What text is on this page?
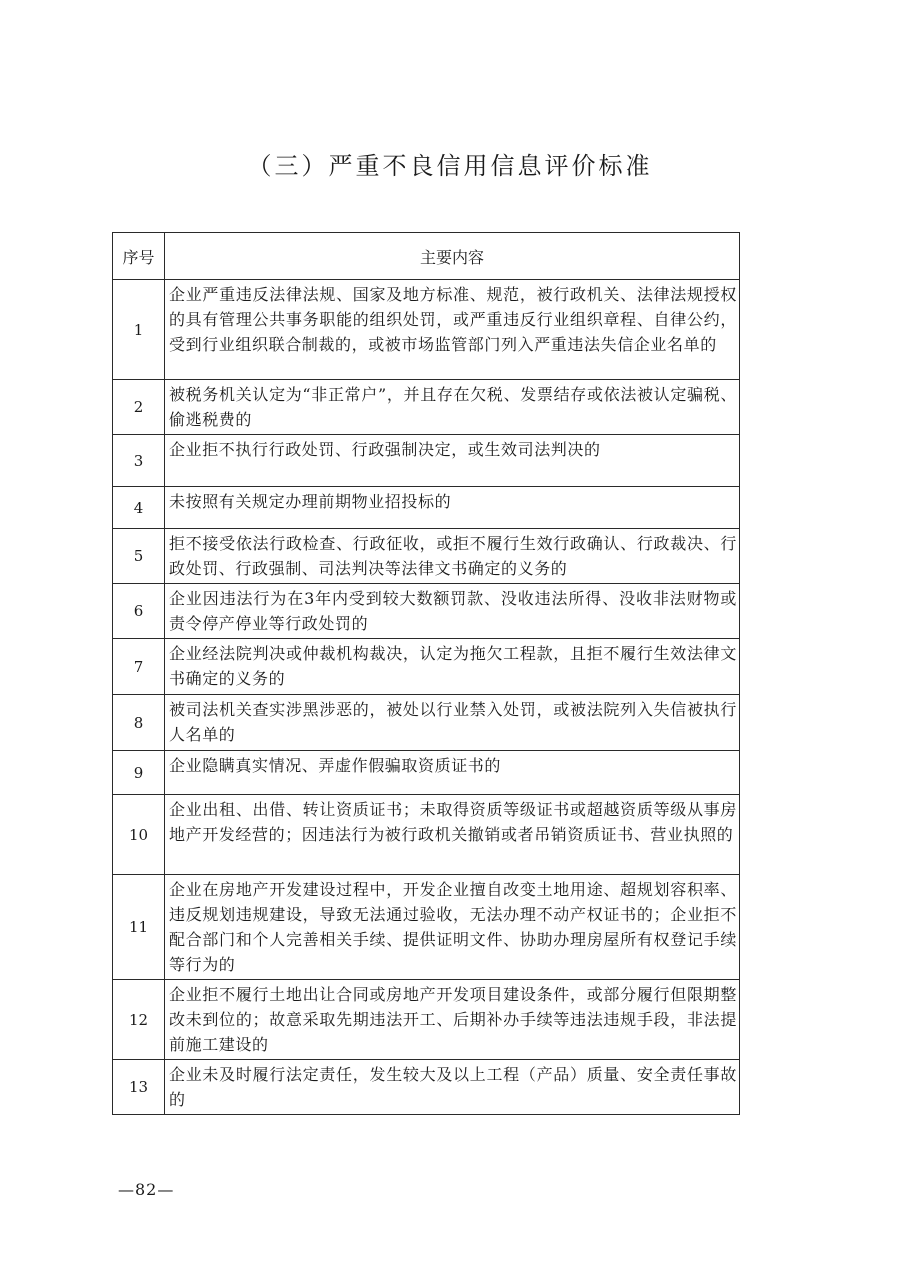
（三）严重不良信用信息评价标准
序号	主要内容
1	企业严重违反法律法规、国家及地方标准、规范，被行政机关、法律法规授权的具有管理公共事务职能的组织处罚，或严重违反行业组织章程、自律公约，受到行业组织联合制裁的，或被市场监管部门列入严重违法失信企业名单的
2	被税务机关认定为“非正常户”，并且存在欠税、发票结存或依法被认定骗税、偷逃税费的
3	企业拒不执行行政处罚、行政强制决定，或生效司法判决的
4	未按照有关规定办理前期物业招投标的
5	拒不接受依法行政检查、行政征收，或拒不履行生效行政确认、行政裁决、行政处罚、行政强制、司法判决等法律文书确定的义务的
6	企业因违法行为在3年内受到较大数额罚款、没收违法所得、没收非法财物或责令停产停业等行政处罚的
7	企业经法院判决或仲裁机构裁决，认定为拖欠工程款，且拒不履行生效法律文书确定的义务的
8	被司法机关查实涉黑涉恶的，被处以行业禁入处罚，或被法院列入失信被执行人名单的
9	企业隐瞒真实情况、弄虚作假骗取资质证书的
10	企业出租、出借、转让资质证书；未取得资质等级证书或超越资质等级从事房地产开发经营的；因违法行为被行政机关撤销或者吊销资质证书、营业执照的
11	企业在房地产开发建设过程中，开发企业擅自改变土地用途、超规划容积率、违反规划违规建设，导致无法通过验收，无法办理不动产权证书的；企业拒不配合部门和个人完善相关手续、提供证明文件、协助办理房屋所有权登记手续等行为的
12	企业拒不履行土地出让合同或房地产开发项目建设条件，或部分履行但限期整改未到位的；故意采取先期违法开工、后期补办手续等违法违规手段，非法提前施工建设的
13	企业未及时履行法定责任，发生较大及以上工程（产品）质量、安全责任事故的
—82—
